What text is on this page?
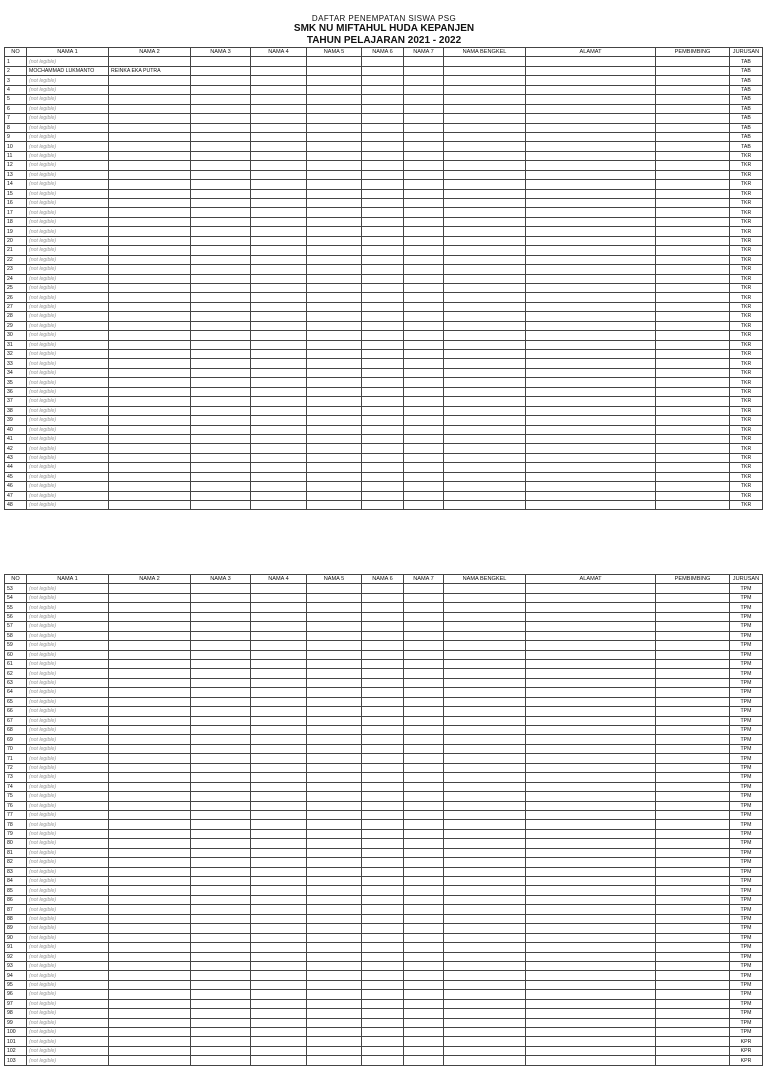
DAFTAR PENEMPATAN SISWA PSG
SMK NU MIFTAHUL HUDA KEPANJEN
TAHUN PELAJARAN 2021 - 2022
NO	NAMA 1	NAMA 2	NAMA 3	NAMA 4	NAMA 5	NAMA 6	NAMA 7	NAMA BENGKEL	ALAMAT	PEMBIMBING	JURUSAN
1	(not legible)										TAB
2	MOCHAMMAD LUKMANTO	REINKA EKA PUTRA									TAB
3	(not legible)										TAB
4	(not legible)										TAB
5	(not legible)										TAB
6	(not legible)										TAB
7	(not legible)										TAB
8	(not legible)										TAB
9	(not legible)										TAB
10	(not legible)										TAB
11	(not legible)										TKR
12	(not legible)										TKR
13	(not legible)										TKR
14	(not legible)										TKR
15	(not legible)										TKR
16	(not legible)										TKR
17	(not legible)										TKR
18	(not legible)										TKR
19	(not legible)										TKR
20	(not legible)										TKR
21	(not legible)										TKR
22	(not legible)										TKR
23	(not legible)										TKR
24	(not legible)										TKR
25	(not legible)										TKR
26	(not legible)										TKR
27	(not legible)										TKR
28	(not legible)										TKR
29	(not legible)										TKR
30	(not legible)										TKR
31	(not legible)										TKR
32	(not legible)										TKR
33	(not legible)										TKR
34	(not legible)										TKR
35	(not legible)										TKR
36	(not legible)										TKR
37	(not legible)										TKR
38	(not legible)										TKR
39	(not legible)										TKR
40	(not legible)										TKR
41	(not legible)										TKR
42	(not legible)										TKR
43	(not legible)										TKR
44	(not legible)										TKR
45	(not legible)										TKR
46	(not legible)										TKR
47	(not legible)										TKR
48	(not legible)										TKR

NO	NAMA 1	NAMA 2	NAMA 3	NAMA 4	NAMA 5	NAMA 6	NAMA 7	NAMA BENGKEL	ALAMAT	PEMBIMBING	JURUSAN
53	(not legible)										TPM
54	(not legible)										TPM
55	(not legible)										TPM
56	(not legible)										TPM
57	(not legible)										TPM
58	(not legible)										TPM
59	(not legible)										TPM
60	(not legible)										TPM
61	(not legible)										TPM
62	(not legible)										TPM
63	(not legible)										TPM
64	(not legible)										TPM
65	(not legible)										TPM
66	(not legible)										TPM
67	(not legible)										TPM
68	(not legible)										TPM
69	(not legible)										TPM
70	(not legible)										TPM
71	(not legible)										TPM
72	(not legible)										TPM
73	(not legible)										TPM
74	(not legible)										TPM
75	(not legible)										TPM
76	(not legible)										TPM
77	(not legible)										TPM
78	(not legible)										TPM
79	(not legible)										TPM
80	(not legible)										TPM
81	(not legible)										TPM
82	(not legible)										TPM
83	(not legible)										TPM
84	(not legible)										TPM
85	(not legible)										TPM
86	(not legible)										TPM
87	(not legible)										TPM
88	(not legible)										TPM
89	(not legible)										TPM
90	(not legible)										TPM
91	(not legible)										TPM
92	(not legible)										TPM
93	(not legible)										TPM
94	(not legible)										TPM
95	(not legible)										TPM
96	(not legible)										TPM
97	(not legible)										TPM
98	(not legible)										TPM
99	(not legible)										TPM
100	(not legible)										TPM
101	(not legible)										KPR
102	(not legible)										KPR
103	(not legible)										KPR
